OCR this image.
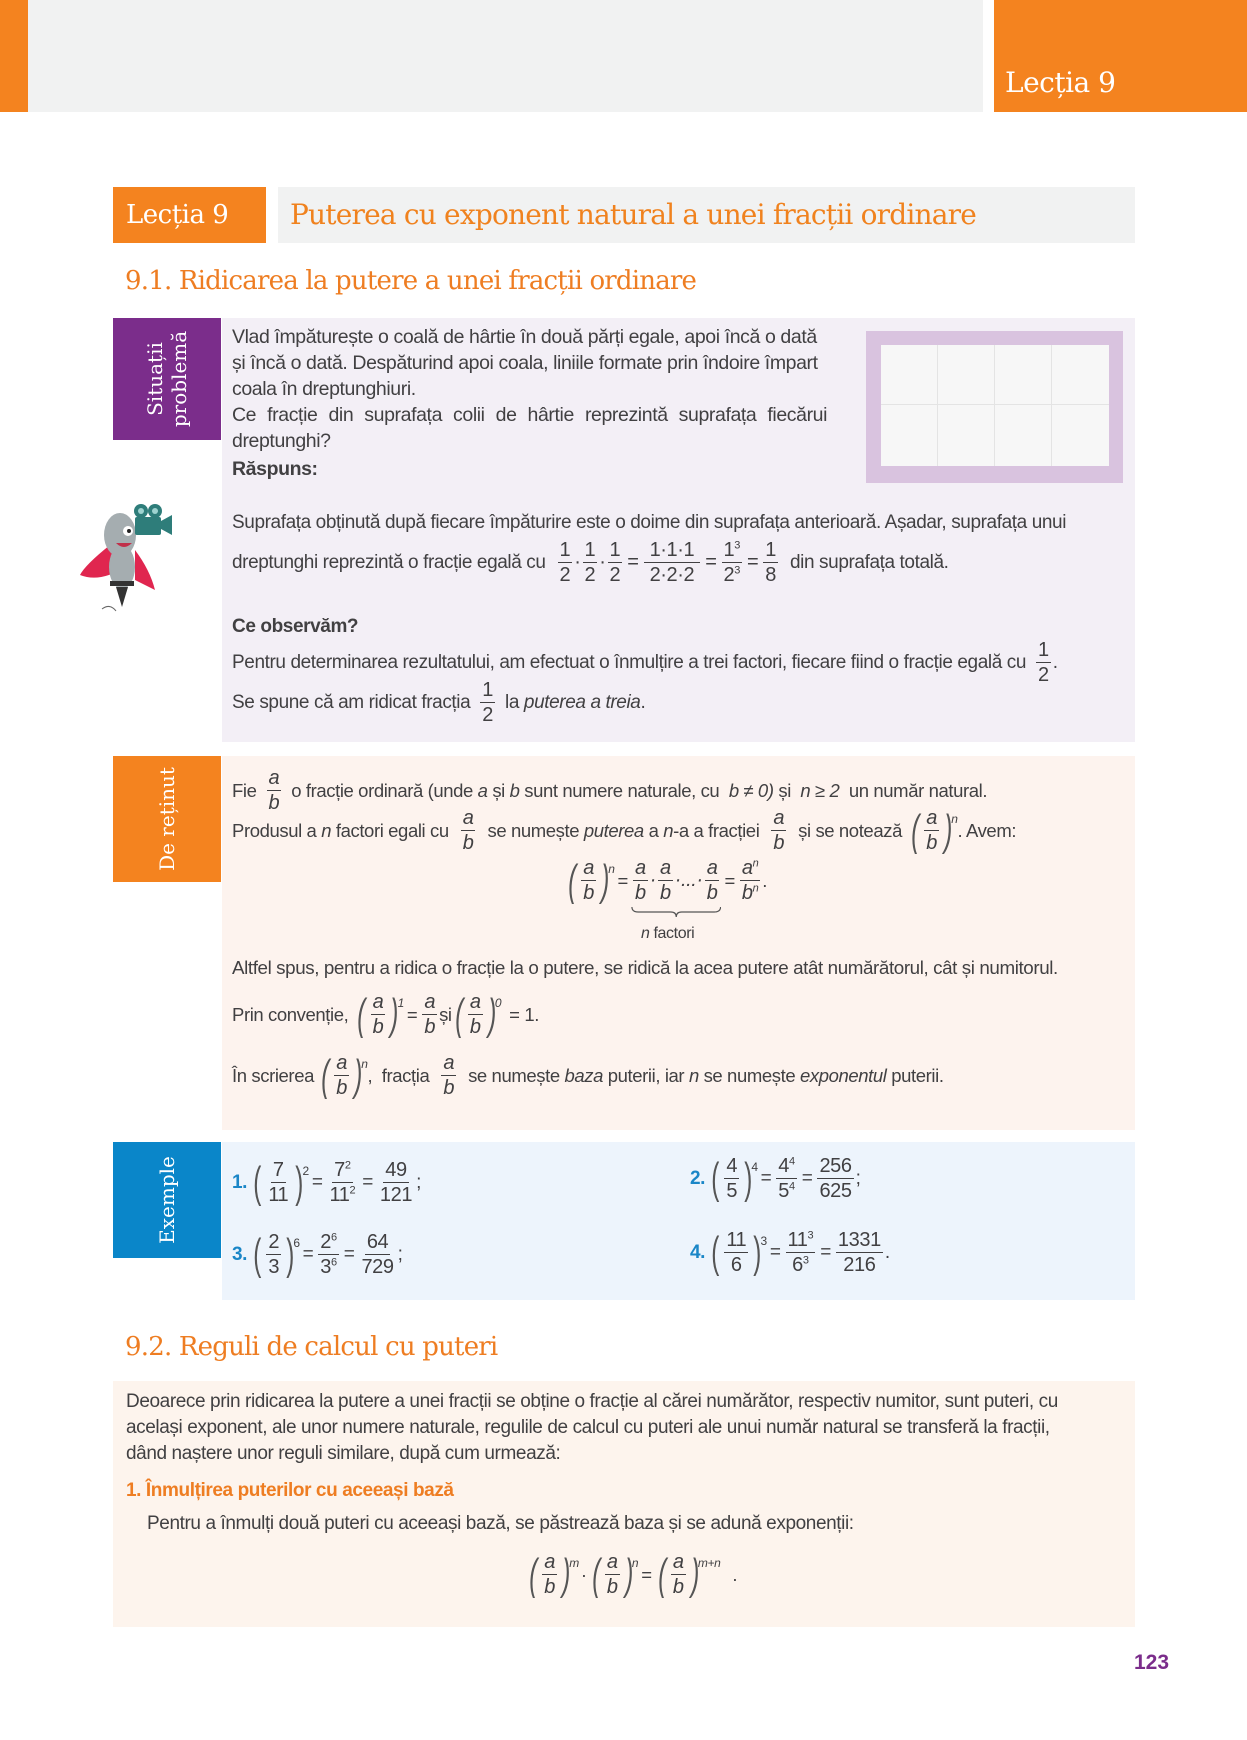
Lecția 9
Lecția 9	Puterea cu exponent natural a unei fracții ordinare
9.1. Ridicarea la putere a unei fracții ordinare
Situații problemă Vlad împăturește o coală de hârtie în două părți egale, apoi încă o dată
și încă o dată. Despăturind apoi coala, liniile formate prin îndoire împart
coala în dreptunghiuri.
Ce fracție din suprafața colii de hârtie reprezintă suprafața fiecărui
dreptunghi?
Răspuns:
Suprafața obținută după fiecare împăturire este o doime din suprafața anterioară. Așadar, suprafața unui
dreptunghi reprezintă o fracție egală cu $\frac{1}{2} \cdot \frac{1}{2} \cdot \frac{1}{2} = \frac{1\cdot 1\cdot 1}{2\cdot 2\cdot 2} = \frac{1^3}{2^3} = \frac{1}{8}$ din suprafața totală.
Ce observăm?
Pentru determinarea rezultatului, am efectuat o înmulțire a trei factori, fiecare fiind o fracție egală cu $\frac{1}{2}$ .
Se spune că am ridicat fracția $\frac{1}{2}$ la
puterea a treia .
De reținut	Fie $\frac{a}{b}$ o fracție ordinară (unde
a
și
b
sunt numere naturale, cu
b ≠ 0)
și
n ≥ 2
un număr natural.
Produsul a
n
factori egali cu $\frac{a}{b}$ se numește
puterea
a
n -a a fracției $\frac{a}{b}$ și se notează ( $\frac{a}{b}$ ) n
. Avem:
( $\frac{a}{b}$ ) n
= $\frac{a}{b} \cdot \frac{a}{b}$ · ... · $\frac{a}{b}$
n factori
= $\frac{a^n}{b^n}$ .
Altfel spus, pentru a ridica o fracție la o putere, se ridică la acea putere atât numărătorul, cât și numitorul.
Prin convenție, ( $\frac{a}{b}$ ) 1
= $\frac{a}{b}$ și ( $\frac{a}{b}$ ) 0
= 1.
În scrierea ( $\frac{a}{b}$ ) n
,
fracția $\frac{a}{b}$ se numește
baza
puterii, iar
n
se numește
exponentul
puterii.
Exemple	1. ( $\frac{7}{11}$ ) 2
= $\frac{7^2}{11^2} = \frac{49}{121}$ ;	2. ( $\frac{4}{5}$ ) 4
= $\frac{4^4}{5^4} = \frac{256}{625}$ ;
3. ( $\frac{2}{3}$ ) 6
= $\frac{2^6}{3^6} = \frac{64}{729}$ ;	4. ( $\frac{11}{6}$ ) 3
= $\frac{11^3}{6^3} = \frac{1331}{216}$ .
9.2. Reguli de calcul cu puteri
Deoarece prin ridicarea la putere a unei fracții se obține o fracție al cărei numărător, respectiv numitor, sunt puteri, cu
același exponent, ale unor numere naturale, regulile de calcul cu puteri ale unui număr natural se transferă la fracții,
dând naștere unor reguli similare, după cum urmează:
1. Înmulțirea puterilor cu aceeași bază
Pentru a înmulți două puteri cu aceeași bază, se păstrează baza și se adună exponenții:
( $\frac{a}{b}$ ) m
· ( $\frac{a}{b}$ ) n
= ( $\frac{a}{b}$ ) m+n
.
123
